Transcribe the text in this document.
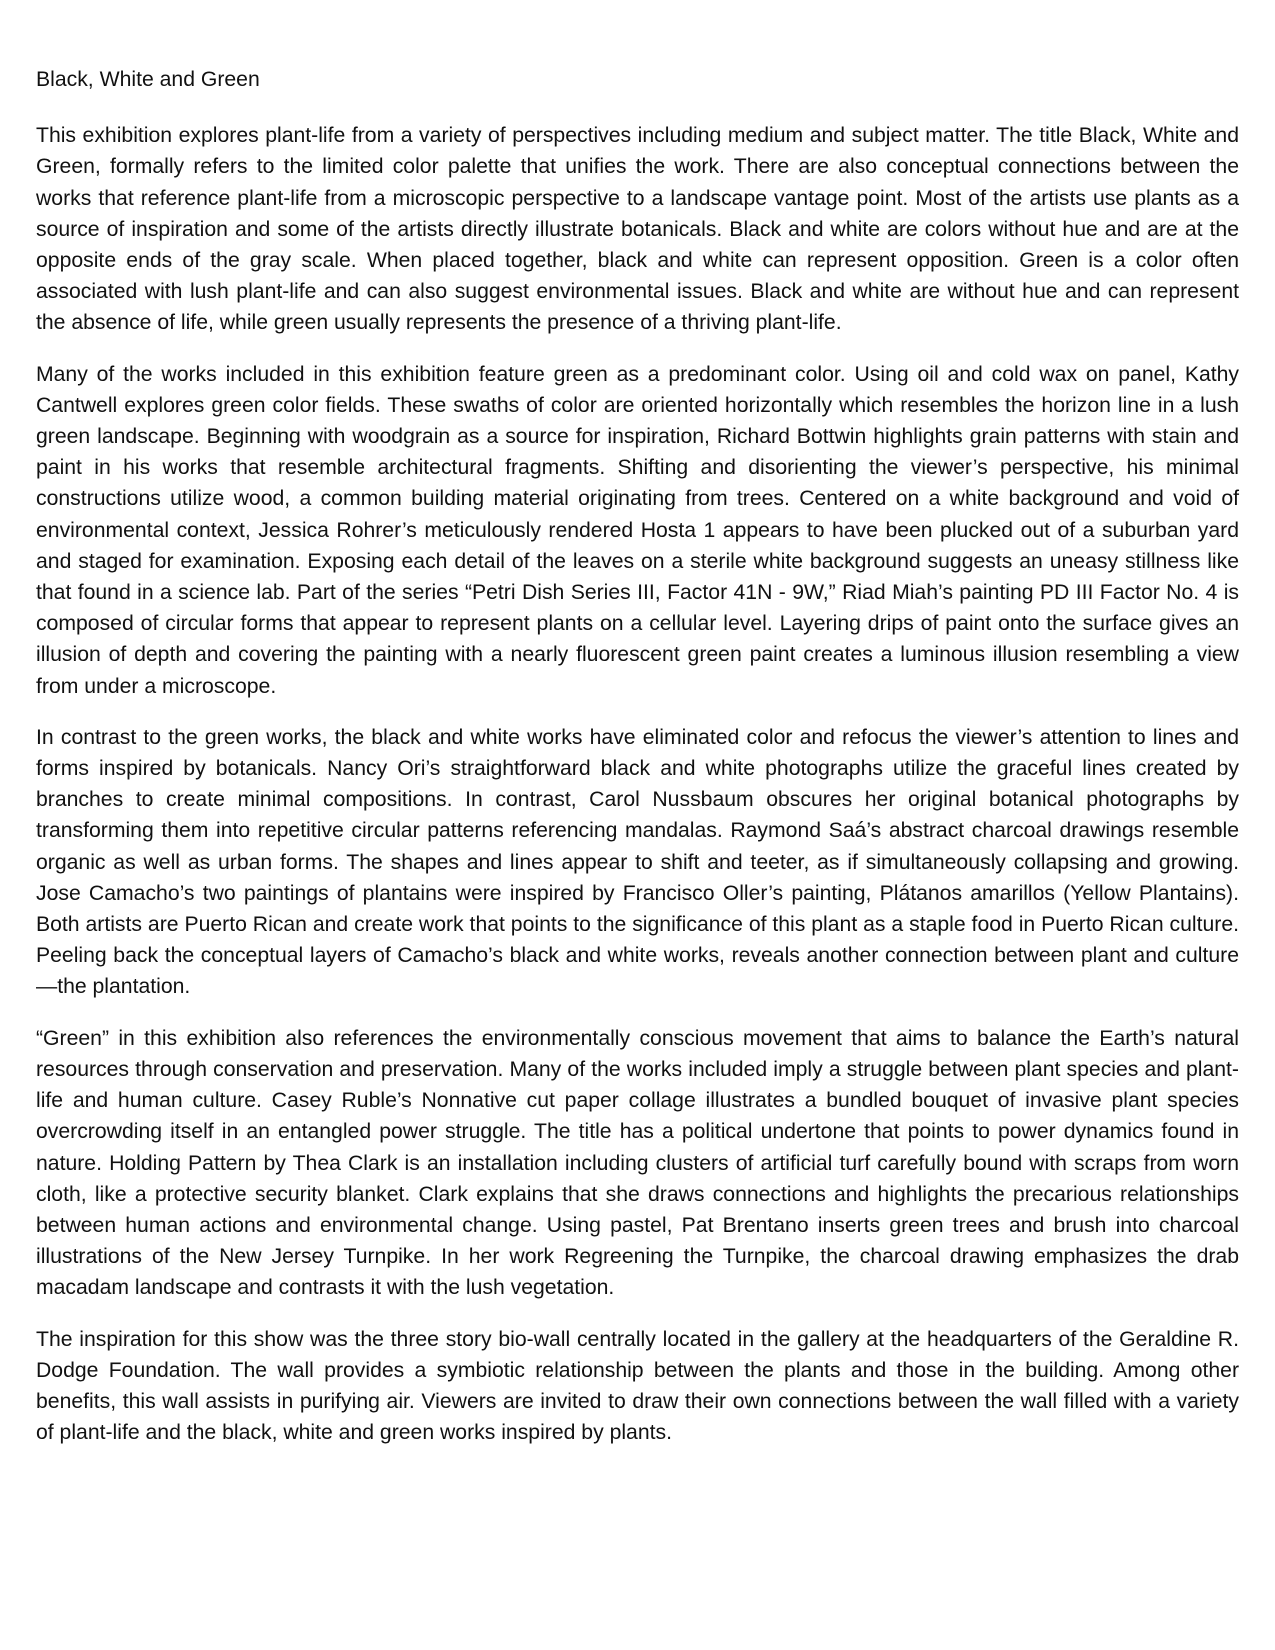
Black, White and Green

This exhibition explores plant-life from a variety of perspectives including medium and subject matter. The title Black, White and Green, formally refers to the limited color palette that unifies the work. There are also conceptual connections between the works that reference plant-life from a microscopic perspective to a landscape vantage point. Most of the artists use plants as a source of inspiration and some of the artists directly illustrate botanicals. Black and white are colors without hue and are at the opposite ends of the gray scale. When placed together, black and white can represent opposition. Green is a color often associated with lush plant-life and can also suggest environmental issues. Black and white are without hue and can represent the absence of life, while green usually represents the presence of a thriving plant-life.

Many of the works included in this exhibition feature green as a predominant color. Using oil and cold wax on panel, Kathy Cantwell explores green color fields. These swaths of color are oriented horizontally which resembles the horizon line in a lush green landscape. Beginning with woodgrain as a source for inspiration, Richard Bottwin highlights grain patterns with stain and paint in his works that resemble architectural fragments. Shifting and disorienting the viewer’s perspective, his minimal constructions utilize wood, a common building material originating from trees. Centered on a white background and void of environmental context, Jessica Rohrer’s meticulously rendered Hosta 1 appears to have been plucked out of a suburban yard and staged for examination. Exposing each detail of the leaves on a sterile white background suggests an uneasy stillness like that found in a science lab. Part of the series “Petri Dish Series III, Factor 41N - 9W,” Riad Miah’s painting PD III Factor No. 4 is composed of circular forms that appear to represent plants on a cellular level. Layering drips of paint onto the surface gives an illusion of depth and covering the painting with a nearly fluorescent green paint creates a luminous illusion resembling a view from under a microscope.

In contrast to the green works, the black and white works have eliminated color and refocus the viewer’s attention to lines and forms inspired by botanicals. Nancy Ori’s straightforward black and white photographs utilize the graceful lines created by branches to create minimal compositions. In contrast, Carol Nussbaum obscures her original botanical photographs by transforming them into repetitive circular patterns referencing mandalas. Raymond Saá’s abstract charcoal drawings resemble organic as well as urban forms. The shapes and lines appear to shift and teeter, as if simultaneously collapsing and growing. Jose Camacho’s two paintings of plantains were inspired by Francisco Oller’s painting, Plátanos amarillos (Yellow Plantains). Both artists are Puerto Rican and create work that points to the significance of this plant as a staple food in Puerto Rican culture. Peeling back the conceptual layers of Camacho’s black and white works, reveals another connection between plant and culture—the plantation.

“Green” in this exhibition also references the environmentally conscious movement that aims to balance the Earth’s natural resources through conservation and preservation. Many of the works included imply a struggle between plant species and plant-life and human culture. Casey Ruble’s Nonnative cut paper collage illustrates a bundled bouquet of invasive plant species overcrowding itself in an entangled power struggle. The title has a political undertone that points to power dynamics found in nature. Holding Pattern by Thea Clark is an installation including clusters of artificial turf carefully bound with scraps from worn cloth, like a protective security blanket. Clark explains that she draws connections and highlights the precarious relationships between human actions and environmental change. Using pastel, Pat Brentano inserts green trees and brush into charcoal illustrations of the New Jersey Turnpike. In her work Regreening the Turnpike, the charcoal drawing emphasizes the drab macadam landscape and contrasts it with the lush vegetation.

The inspiration for this show was the three story bio-wall centrally located in the gallery at the headquarters of the Geraldine R. Dodge Foundation. The wall provides a symbiotic relationship between the plants and those in the building. Among other benefits, this wall assists in purifying air. Viewers are invited to draw their own connections between the wall filled with a variety of plant-life and the black, white and green works inspired by plants.
